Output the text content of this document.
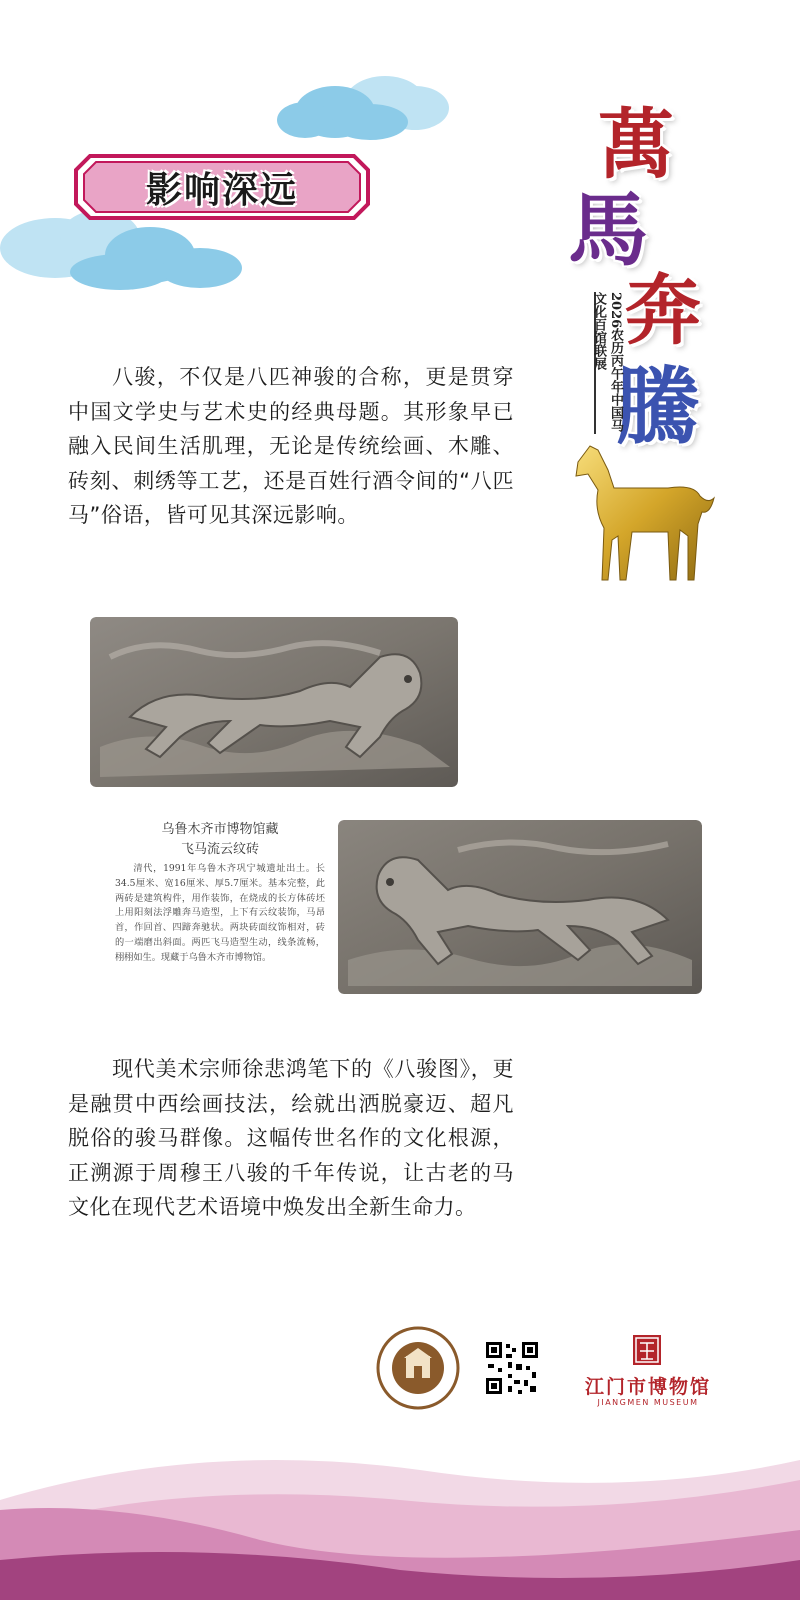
影响深远
萬
馬
奔
騰
2026农历丙午年中国马文化百馆联展
八骏，不仅是八匹神骏的合称，更是贯穿中国文学史与艺术史的经典母题。其形象早已融入民间生活肌理，无论是传统绘画、木雕、砖刻、刺绣等工艺，还是百姓行酒令间的“八匹马”俗语，皆可见其深远影响。
乌鲁木齐市博物馆藏
飞马流云纹砖
清代，1991年乌鲁木齐巩宁城遗址出土。长34.5厘米、宽16厘米、厚5.7厘米。基本完整，此两砖是建筑构件，用作装饰，在烧成的长方体砖坯上用阳刻法浮雕奔马造型，上下有云纹装饰，马昂首，作回首、四蹄奔驰状。两块砖面纹饰相对，砖的一端磨出斜面。两匹飞马造型生动，线条流畅，栩栩如生。现藏于乌鲁木齐市博物馆。
现代美术宗师徐悲鸿笔下的《八骏图》，更是融贯中西绘画技法，绘就出洒脱豪迈、超凡脱俗的骏马群像。这幅传世名作的文化根源，正溯源于周穆王八骏的千年传说，让古老的马文化在现代艺术语境中焕发出全新生命力。
江门市博物馆
JIANGMEN MUSEUM
